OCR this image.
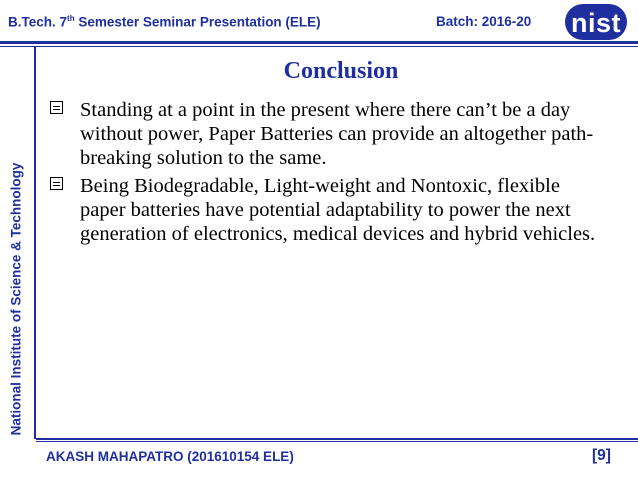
B.Tech. 7th Semester Seminar Presentation (ELE)	Batch: 2016-20 nist
National Institute of Science & Technology
Conclusion
Standing at a point in the present where there can’t be a day without power, Paper Batteries can provide an altogether path-breaking solution to the same.
Being Biodegradable, Light-weight and Nontoxic, flexible paper batteries have potential adaptability to power the next generation of electronics, medical devices and hybrid vehicles.
AKASH MAHAPATRO (201610154 ELE)	[9]
